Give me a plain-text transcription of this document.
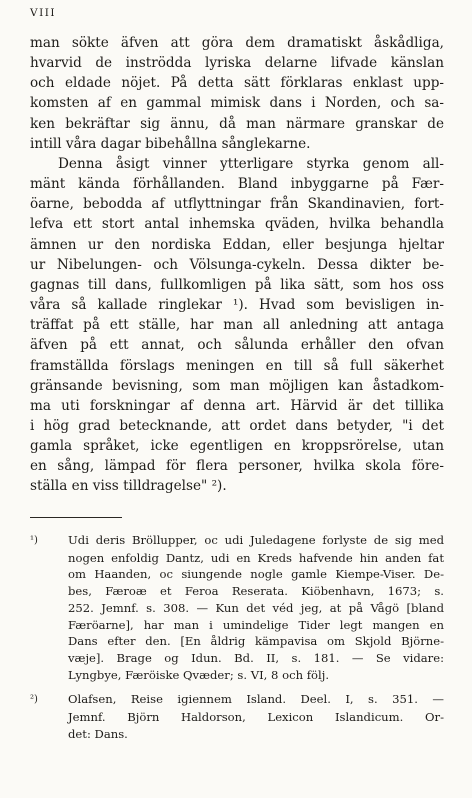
VIII
man sökte äfven att göra dem dramatiskt åskådliga,
hvarvid de inströdda lyriska delarne lifvade känslan
och eldade nöjet. På detta sätt förklaras enklast upp-
komsten af en gammal mimisk dans i Norden, och sa-
ken bekräftar sig ännu, då man närmare granskar de
intill våra dagar bibehållna sånglekarne.
Denna åsigt vinner ytterligare styrka genom all-
mänt kända förhållanden. Bland inbyggarne på Fær-
öarne, bebodda af utflyttningar från Skandinavien, fort-
lefva ett stort antal inhemska qväden, hvilka behandla
ämnen ur den nordiska Eddan, eller besjunga hjeltar
ur Nibelungen- och Völsunga-cykeln. Dessa dikter be-
gagnas till dans, fullkomligen på lika sätt, som hos oss
våra så kallade ringlekar ¹). Hvad som bevisligen in-
träffat på ett ställe, har man all anledning att antaga
äfven på ett annat, och sålunda erhåller den ofvan
framställda förslags meningen en till så full säkerhet
gränsande bevisning, som man möjligen kan åstadkom-
ma uti forskningar af denna art. Härvid är det tillika
i hög grad betecknande, att ordet dans betyder, "i det
gamla språket, icke egentligen en kroppsrörelse, utan
en sång, lämpad för flera personer, hvilka skola före-
ställa en viss tilldragelse" ²).
¹)	Udi deris Bröllupper, oc udi Juledagene forlyste de sig med
nogen enfoldig Dantz, udi en Kreds hafvende hin anden fat
om Haanden, oc siungende nogle gamle Kiempe-Viser. De-
bes, Færoæ et Feroa Reserata. Kiöbenhavn, 1673; s.
252. Jemnf. s. 308. — Kun det véd jeg, at på Vågö [bland
Færöarne], har man i umindelige Tider legt mangen en
Dans efter den. [En åldrig kämpavisa om Skjold Björne-
væje]. Brage og Idun. Bd. II, s. 181. — Se vidare:
Lyngbye, Færöiske Qvæder; s. VI, 8 och följ.
²)	Olafsen, Reise igiennem Island. Deel. I, s. 351. —
Jemnf. Björn Haldorson, Lexicon Islandicum. Or-
det: Dans.
